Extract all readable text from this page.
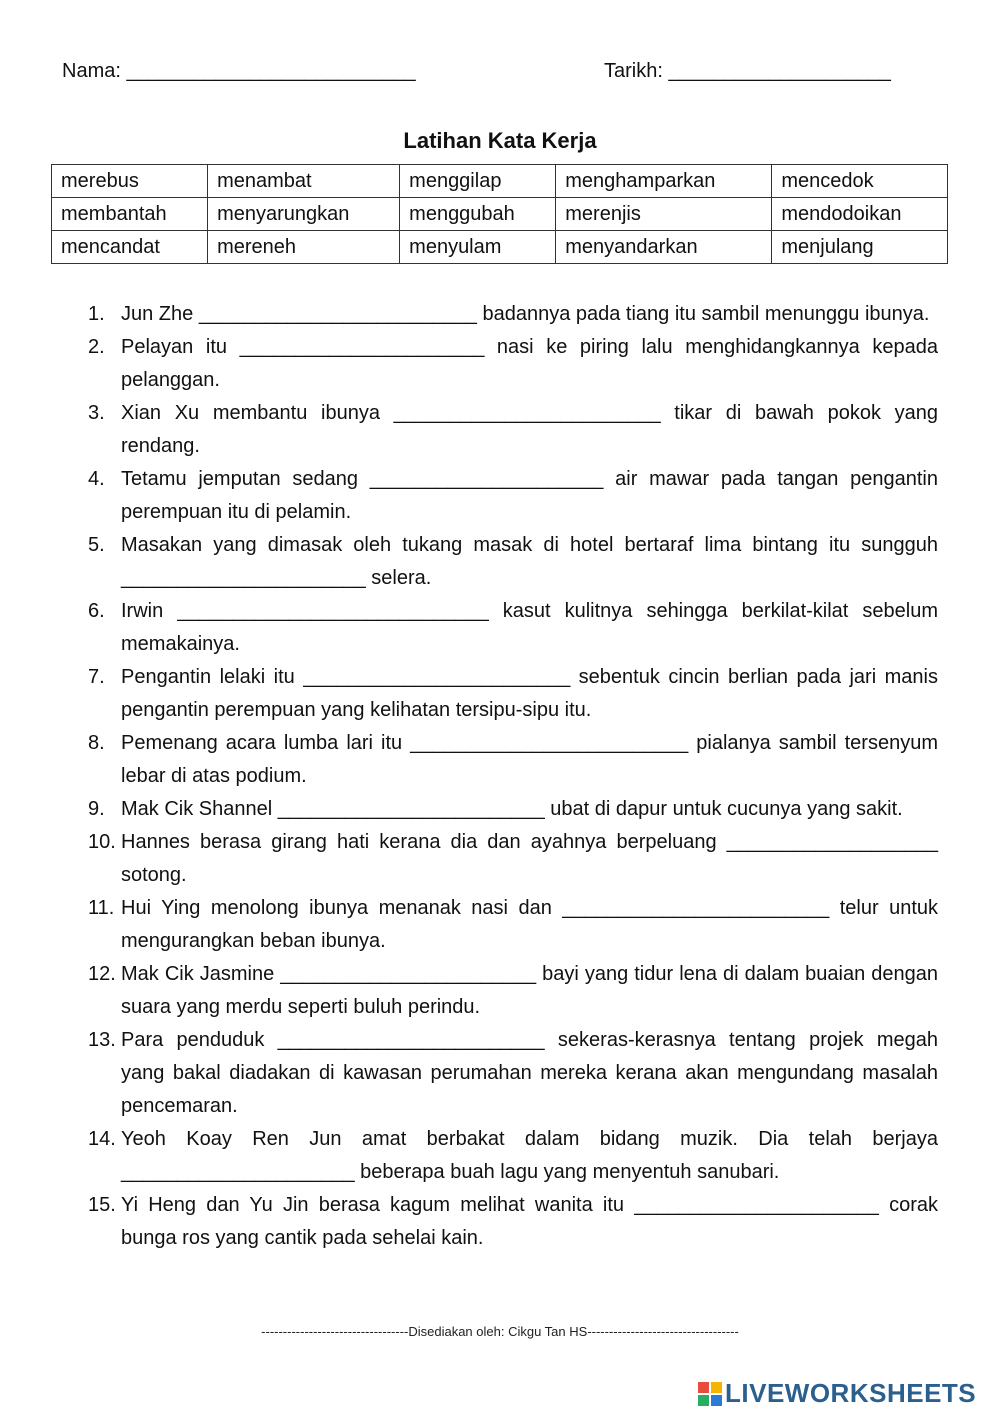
Nama: __________________________	Tarikh: ____________________
Latihan Kata Kerja
merebus	menambat	menggilap	menghamparkan	mencedok
membantah	menyarungkan	menggubah	merenjis	mendodoikan
mencandat	mereneh	menyulam	menyandarkan	menjulang
1. Jun Zhe _________________________ badannya pada tiang itu sambil menunggu ibunya.
2. Pelayan itu ______________________ nasi ke piring lalu menghidangkannya kepada pelanggan.
3. Xian Xu membantu ibunya ________________________ tikar di bawah pokok yang rendang.
4. Tetamu jemputan sedang _____________________ air mawar pada tangan pengantin perempuan itu di pelamin.
5. Masakan yang dimasak oleh tukang masak di hotel bertaraf lima bintang itu sungguh ______________________ selera.
6. Irwin ____________________________ kasut kulitnya sehingga berkilat-kilat sebelum memakainya.
7. Pengantin lelaki itu ________________________ sebentuk cincin berlian pada jari manis pengantin perempuan yang kelihatan tersipu-sipu itu.
8. Pemenang acara lumba lari itu _________________________ pialanya sambil tersenyum lebar di atas podium.
9. Mak Cik Shannel ________________________ ubat di dapur untuk cucunya yang sakit.
10. Hannes berasa girang hati kerana dia dan ayahnya berpeluang ___________________ sotong.
11. Hui Ying menolong ibunya menanak nasi dan ________________________ telur untuk mengurangkan beban ibunya.
12. Mak Cik Jasmine _______________________ bayi yang tidur lena di dalam buaian dengan suara yang merdu seperti buluh perindu.
13. Para penduduk ________________________ sekeras-kerasnya tentang projek megah yang bakal diadakan di kawasan perumahan mereka kerana akan mengundang masalah pencemaran.
14. Yeoh Koay Ren Jun amat berbakat dalam bidang muzik. Dia telah berjaya _____________________ beberapa buah lagu yang menyentuh sanubari.
15. Yi Heng dan Yu Jin berasa kagum melihat wanita itu ______________________ corak bunga ros yang cantik pada sehelai kain.
----------------------------------Disediakan oleh: Cikgu Tan HS-----------------------------------
LIVEWORKSHEETS
